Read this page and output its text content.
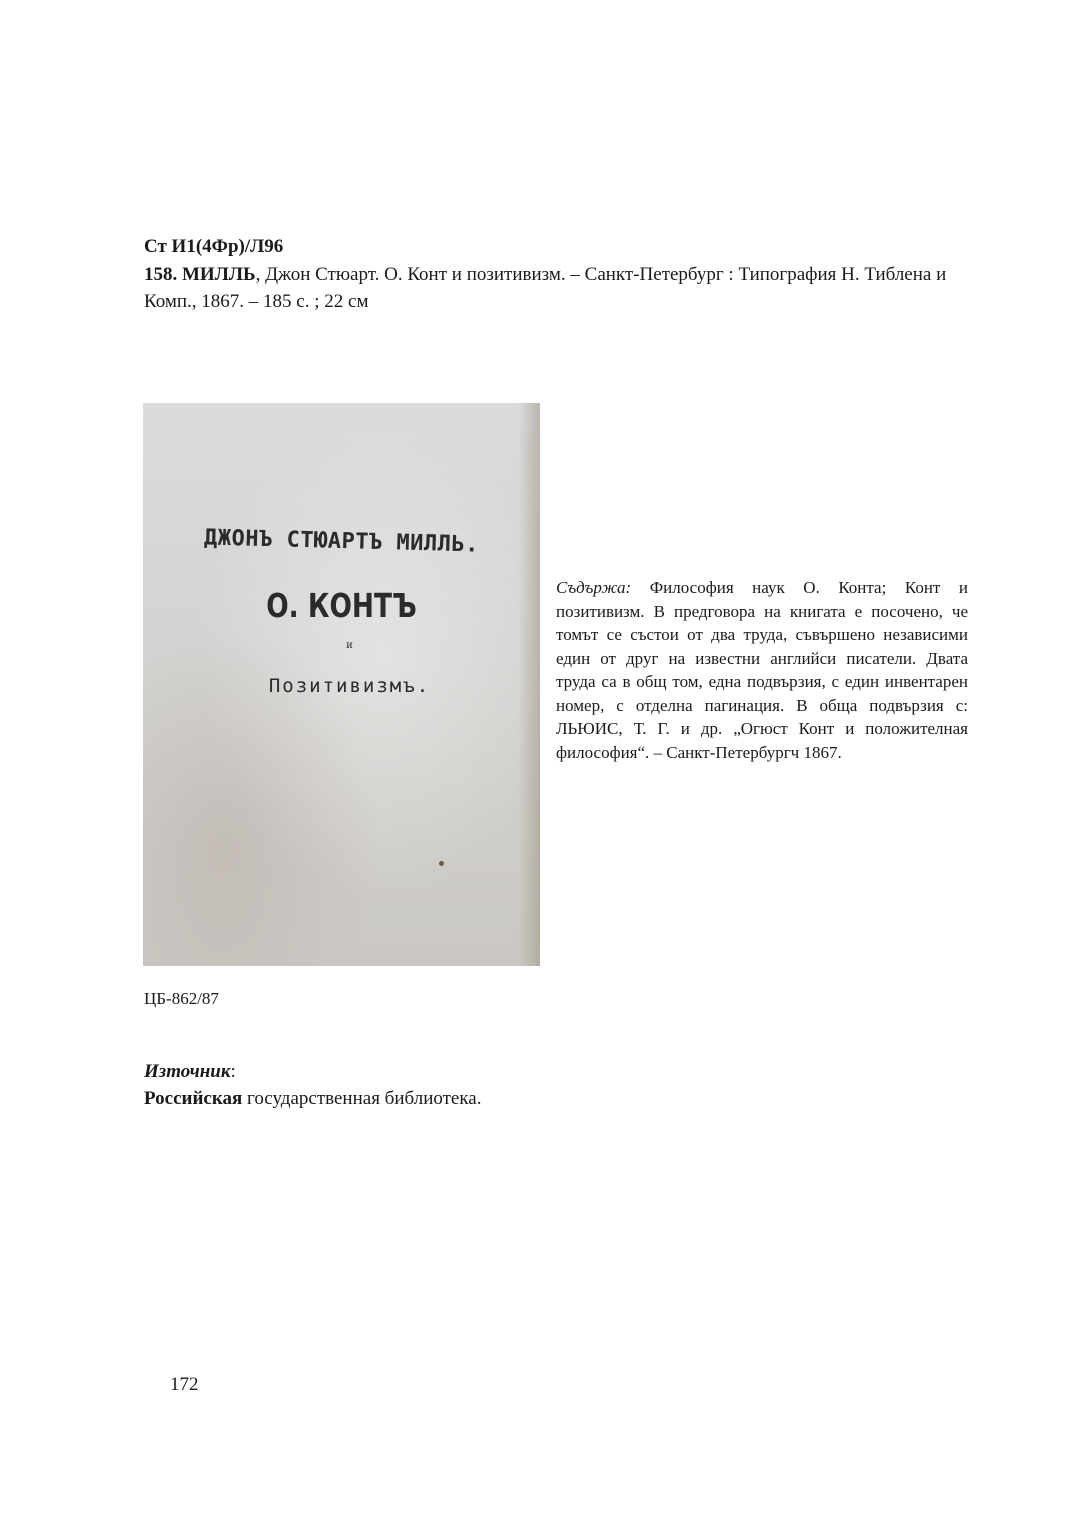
Ст И1(4Фр)/Л96
158. МИЛЛЬ, Джон Стюарт. О. Конт и позитивизм. – Санкт-Петербург : Типография Н. Тиблена и Комп., 1867. – 185 с. ; 22 см
ДЖОНЪ СТЮАРТЪ МИЛЛЬ.
О. КОНТЪ
и
Позитивизмъ.
Съдържа: Философия наук О. Конта; Конт и позитивизм. В предговора на книгата е посочено, че томът се състои от два труда, съвършено независими един от друг на известни английси писатели. Двата труда са в общ том, една подвързия, с един инвентарен номер, с отделна пагинация. В обща подвързия с: ЛЬЮИС, Т. Г. и др. „Огюст Конт и положителная философия“. – Санкт-Петербургч 1867.
ЦБ-862/87
Източник:
Российская государственная библиотека.
172
